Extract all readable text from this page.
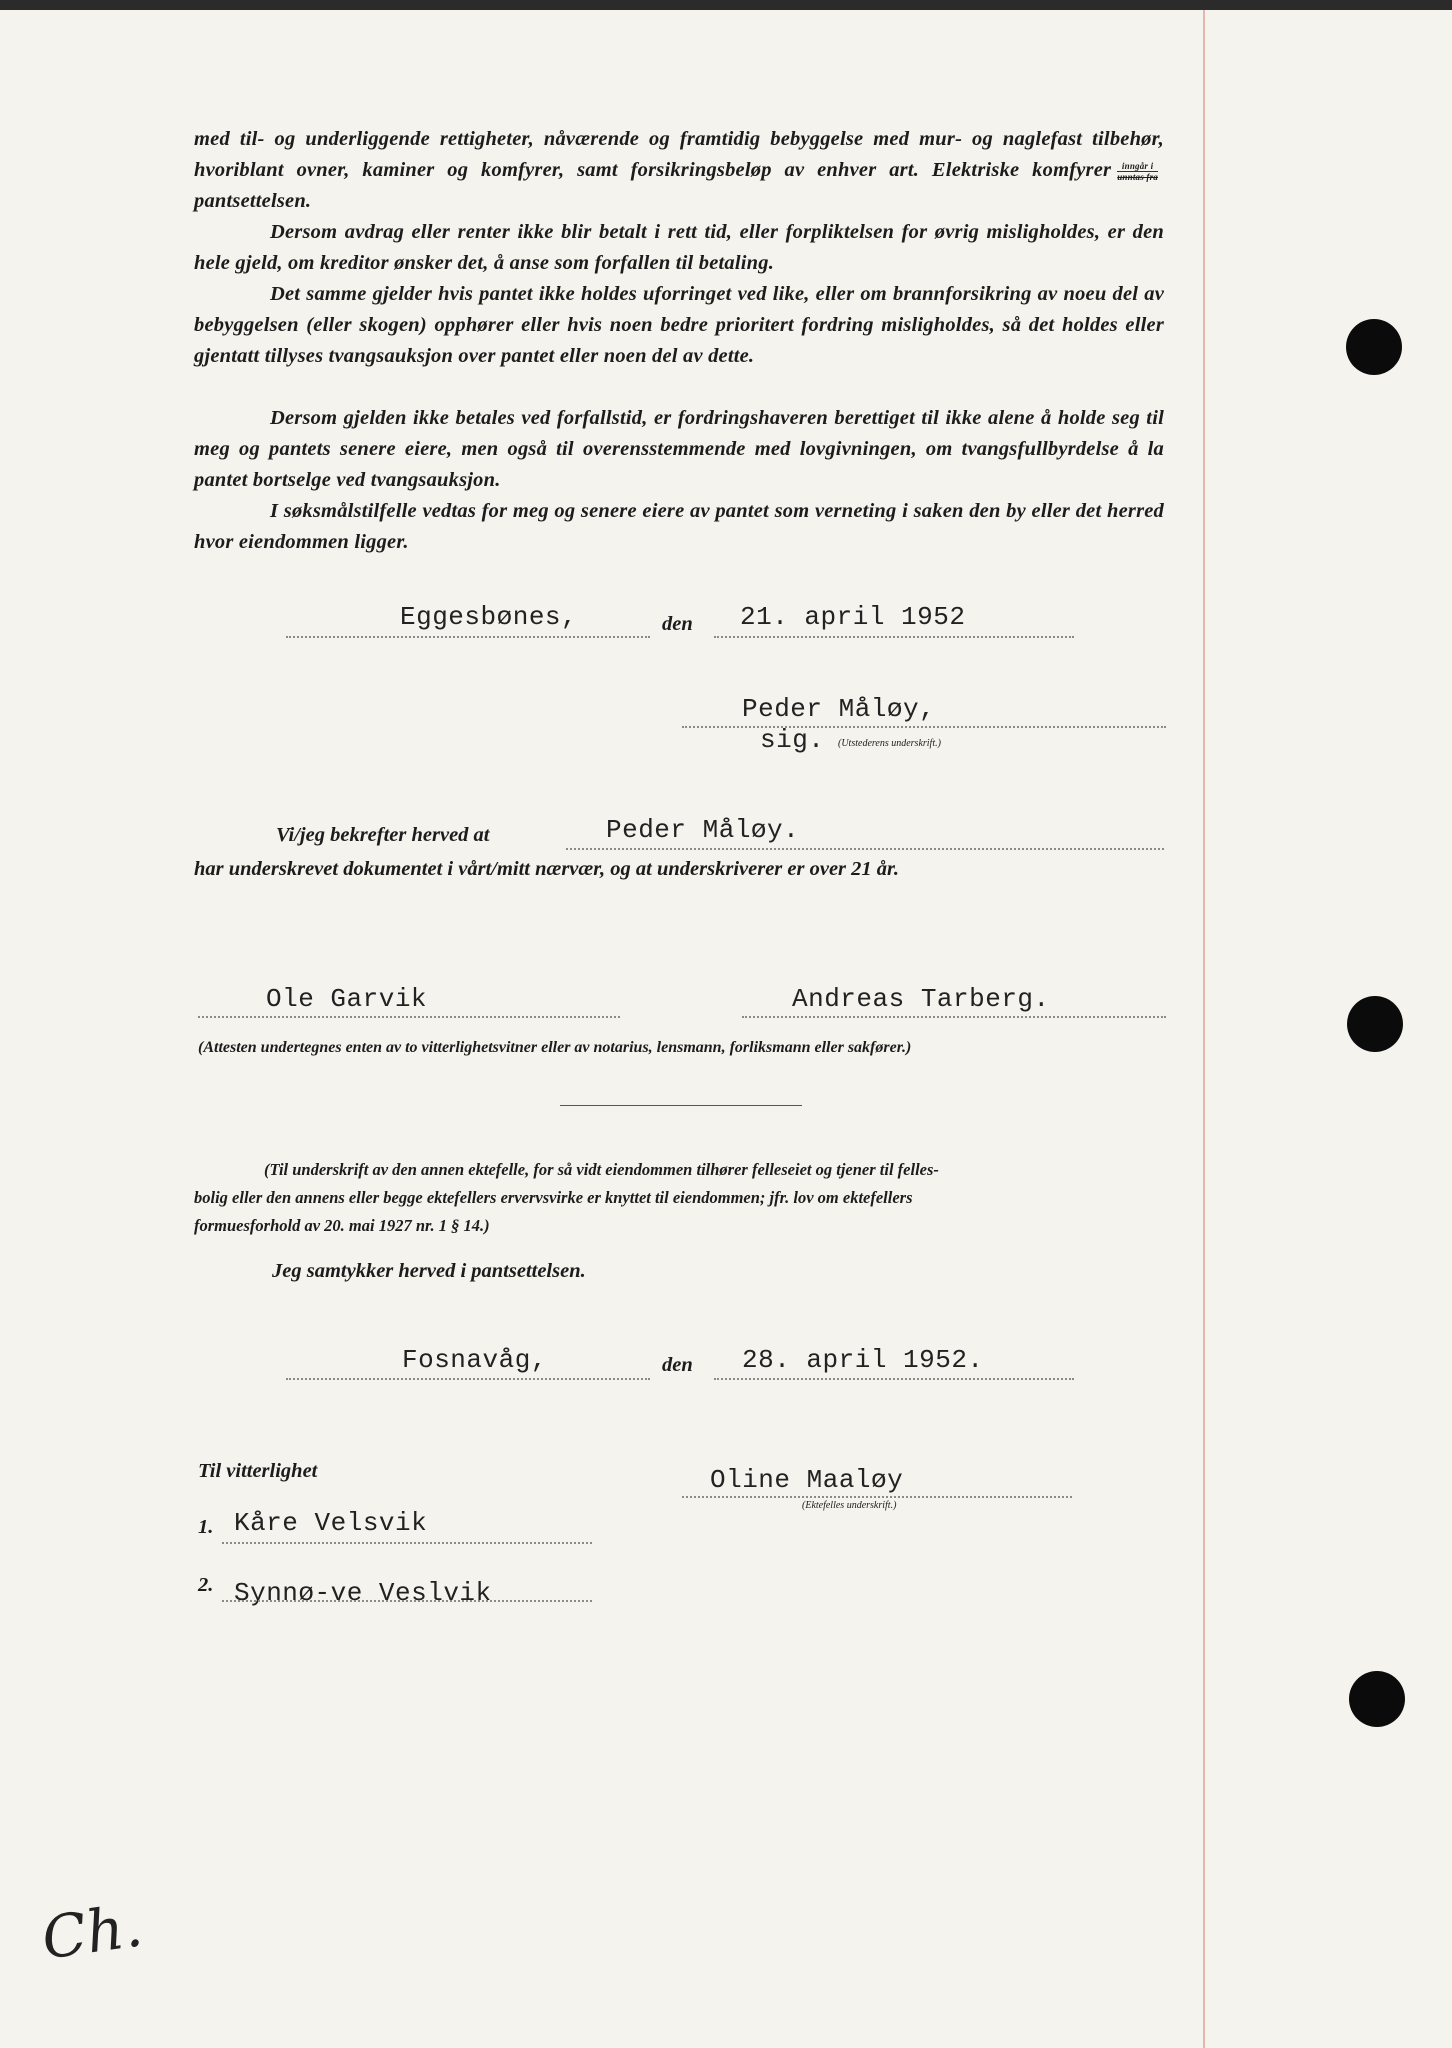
med til- og underliggende rettigheter, nåværende og framtidig bebyggelse med mur- og naglefast tilbehør, hvoriblant ovner, kaminer og komfyrer, samt forsikringsbeløp av enhver art. Elektriske komfyrer $\frac{\text{inngår i}}{\text{unntas fra}}$
pantsettelsen.

Dersom avdrag eller renter ikke blir betalt i rett tid, eller forpliktelsen for øvrig misligholdes, er den hele gjeld, om kreditor ønsker det, å anse som forfallen til betaling.

Det samme gjelder hvis pantet ikke holdes uforringet ved like, eller om brannforsikring av noeu del av bebyggelsen (eller skogen) opphører eller hvis noen bedre prioritert fordring misligholdes, så det holdes eller gjentatt tillyses tvangsauksjon over pantet eller noen del av dette.

Dersom gjelden ikke betales ved forfallstid, er fordringshaveren berettiget til ikke alene å holde seg til meg og pantets senere eiere, men også til overensstemmende med lovgivningen, om tvangsfullbyrdelse å la pantet bortselge ved tvangsauksjon.

I søksmålstilfelle vedtas for meg og senere eiere av pantet som verneting i saken den by eller det herred hvor eiendommen ligger.

Eggesbønes,	den 21. april 1952
Peder Måløy,
sig. (Utstederens underskrift.)
Vi/jeg bekrefter herved at	Peder Måløy.
har underskrevet dokumentet i vårt/mitt nærvær, og at underskriverer er over 21 år.
Ole Garvik	Andreas Tarberg.
(Attesten undertegnes enten av to vitterlighetsvitner eller av notarius, lensmann, forliksmann eller sakfører.)
(Til underskrift av den annen ektefelle, for så vidt eiendommen tilhører felleseiet og tjener til felles-
bolig eller den annens eller begge ektefellers ervervsvirke er knyttet til eiendommen; jfr. lov om ektefellers
formuesforhold av 20. mai 1927 nr. 1 § 14.)
Jeg samtykker herved i pantsettelsen.
Fosnavåg,	den 28. april 1952.
Til vitterlighet	Oline Maaløy
(Ektefelles underskrift.)
1. Kåre Velsvik
2. Synnø-ve Veslvik
Ch.
